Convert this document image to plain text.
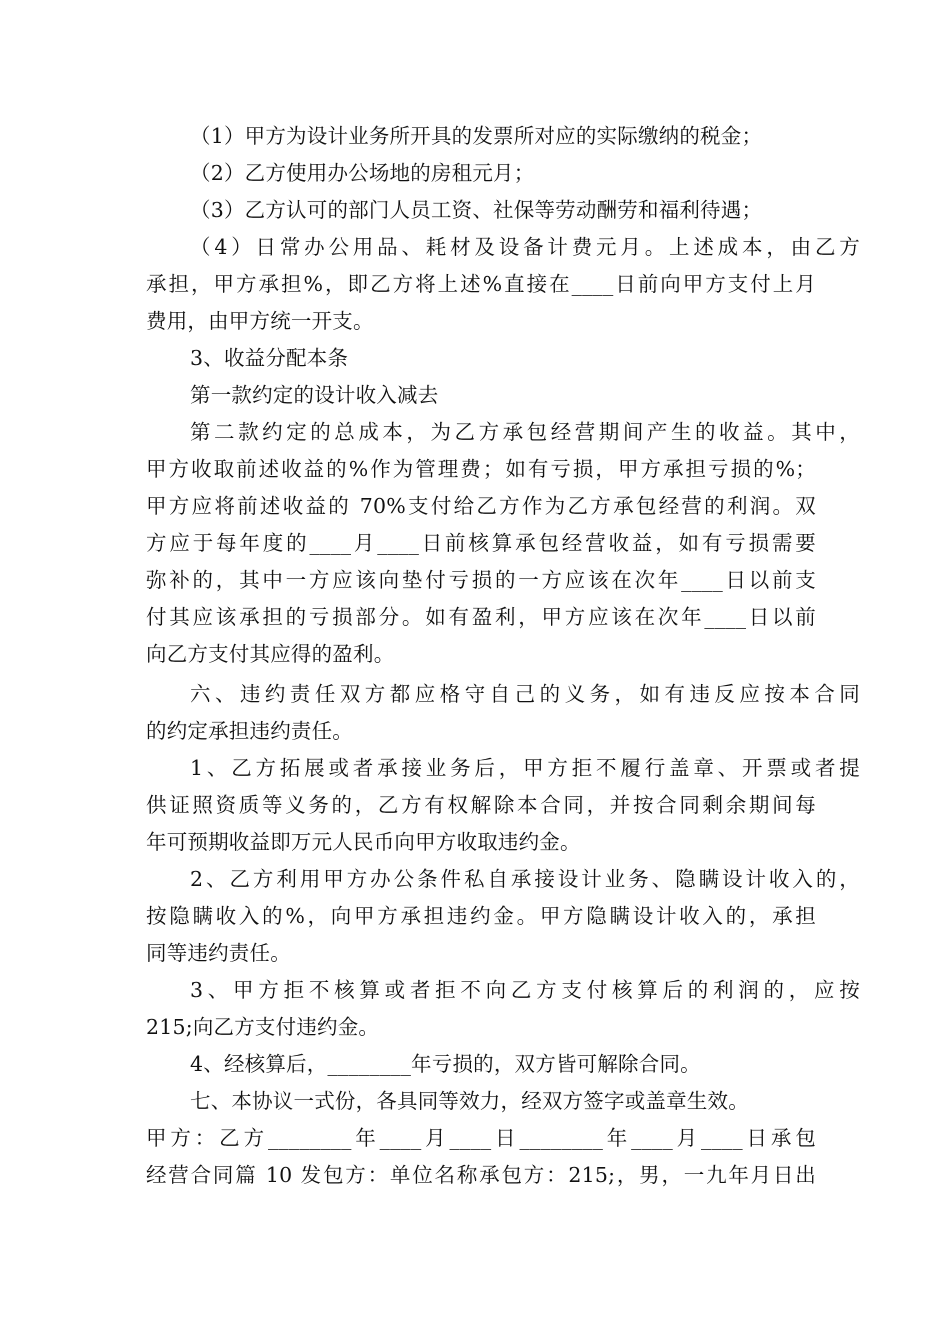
（1）甲方为设计业务所开具的发票所对应的实际缴纳的税金；
（2）乙方使用办公场地的房租元月；
（3）乙方认可的部门人员工资、社保等劳动酬劳和福利待遇；
（4）日常办公用品、耗材及设备计费元月。上述成本，由乙方
承担，甲方承担%，即乙方将上述%直接在____日前向甲方支付上月
费用，由甲方统一开支。
3、收益分配本条
第一款约定的设计收入减去
第二款约定的总成本，为乙方承包经营期间产生的收益。其中，
甲方收取前述收益的%作为管理费；如有亏损，甲方承担亏损的%；
甲方应将前述收益的 70%支付给乙方作为乙方承包经营的利润。双
方应于每年度的____月____日前核算承包经营收益，如有亏损需要
弥补的，其中一方应该向垫付亏损的一方应该在次年____日以前支
付其应该承担的亏损部分。如有盈利，甲方应该在次年____日以前
向乙方支付其应得的盈利。
六、违约责任双方都应格守自己的义务，如有违反应按本合同
的约定承担违约责任。
1、乙方拓展或者承接业务后，甲方拒不履行盖章、开票或者提
供证照资质等义务的，乙方有权解除本合同，并按合同剩余期间每
年可预期收益即万元人民币向甲方收取违约金。
2、乙方利用甲方办公条件私自承接设计业务、隐瞒设计收入的，
按隐瞒收入的%，向甲方承担违约金。甲方隐瞒设计收入的，承担
同等违约责任。
3、甲方拒不核算或者拒不向乙方支付核算后的利润的，应按
215;向乙方支付违约金。
4、经核算后，________年亏损的，双方皆可解除合同。
七、本协议一式份，各具同等效力，经双方签字或盖章生效。
甲方：乙方________年____月____日________年____月____日承包
经营合同篇 10 发包方：单位名称承包方：215;，男，一九年月日出
